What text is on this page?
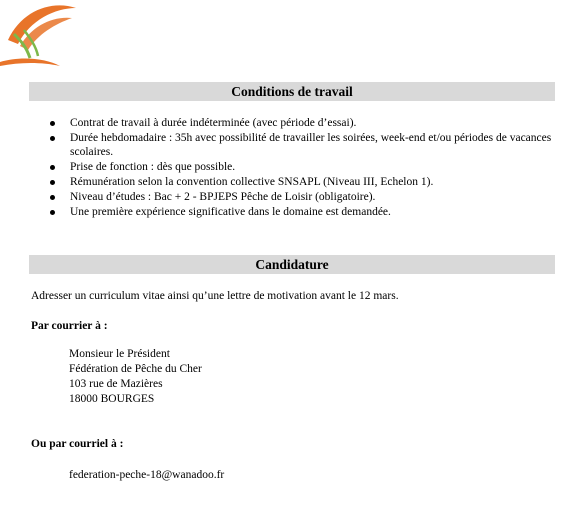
Conditions de travail
Contrat de travail à durée indéterminée (avec période d’essai).
Durée hebdomadaire : 35h avec possibilité de travailler les soirées, week-end et/ou périodes de vacances scolaires.
Prise de fonction : dès que possible.
Rémunération selon la convention collective SNSAPL (Niveau III, Echelon 1).
Niveau d’études : Bac + 2 - BPJEPS Pêche de Loisir (obligatoire).
Une première expérience significative dans le domaine est demandée.
Candidature
Adresser un curriculum vitae ainsi qu’une lettre de motivation avant le 12 mars.
Par courrier à :
Monsieur le Président
Fédération de Pêche du Cher
103 rue de Mazières
18000 BOURGES
Ou par courriel à :
federation-peche-18@wanadoo.fr
